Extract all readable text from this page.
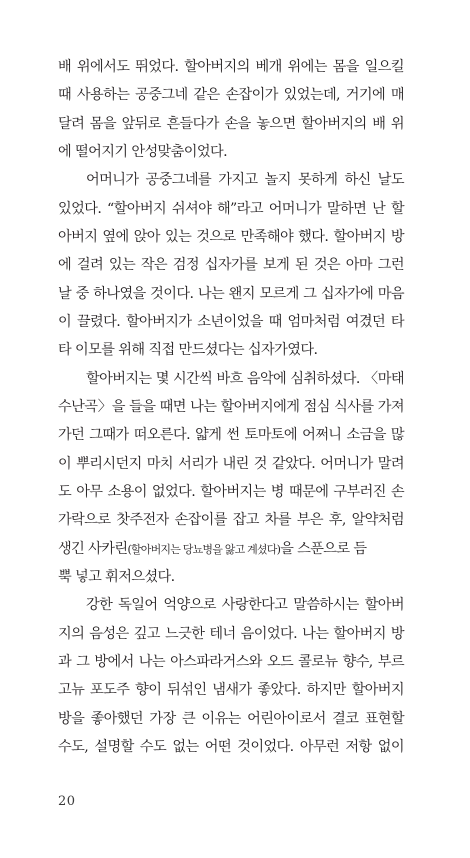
배 위에서도 뛰었다. 할아버지의 베개 위에는 몸을 일으킬
때 사용하는 공중그네 같은 손잡이가 있었는데, 거기에 매
달려 몸을 앞뒤로 흔들다가 손을 놓으면 할아버지의 배 위
에 떨어지기 안성맞춤이었다.
어머니가 공중그네를 가지고 놀지 못하게 하신 날도
있었다. “할아버지 쉬셔야 해”라고 어머니가 말하면 난 할
아버지 옆에 앉아 있는 것으로 만족해야 했다. 할아버지 방
에 걸려 있는 작은 검정 십자가를 보게 된 것은 아마 그런
날 중 하나였을 것이다. 나는 왠지 모르게 그 십자가에 마음
이 끌렸다. 할아버지가 소년이었을 때 엄마처럼 여겼던 타
타 이모를 위해 직접 만드셨다는 십자가였다.
할아버지는 몇 시간씩 바흐 음악에 심취하셨다. 〈마태
수난곡〉을 들을 때면 나는 할아버지에게 점심 식사를 가져
가던 그때가 떠오른다. 얇게 썬 토마토에 어쩌니 소금을 많
이 뿌리시던지 마치 서리가 내린 것 같았다. 어머니가 말려
도 아무 소용이 없었다. 할아버지는 병 때문에 구부러진 손
가락으로 찻주전자 손잡이를 잡고 차를 부은 후, 알약처럼
생긴 사카린(할아버지는 당뇨병을 앓고 계셨다)을 스푼으로 듬
뿍 넣고 휘저으셨다.
강한 독일어 억양으로 사랑한다고 말씀하시는 할아버
지의 음성은 깊고 느긋한 테너 음이었다. 나는 할아버지 방
과 그 방에서 나는 아스파라거스와 오드 콜로뉴 향수, 부르
고뉴 포도주 향이 뒤섞인 냄새가 좋았다. 하지만 할아버지
방을 좋아했던 가장 큰 이유는 어린아이로서 결코 표현할
수도, 설명할 수도 없는 어떤 것이었다. 아무런 저항 없이
20
